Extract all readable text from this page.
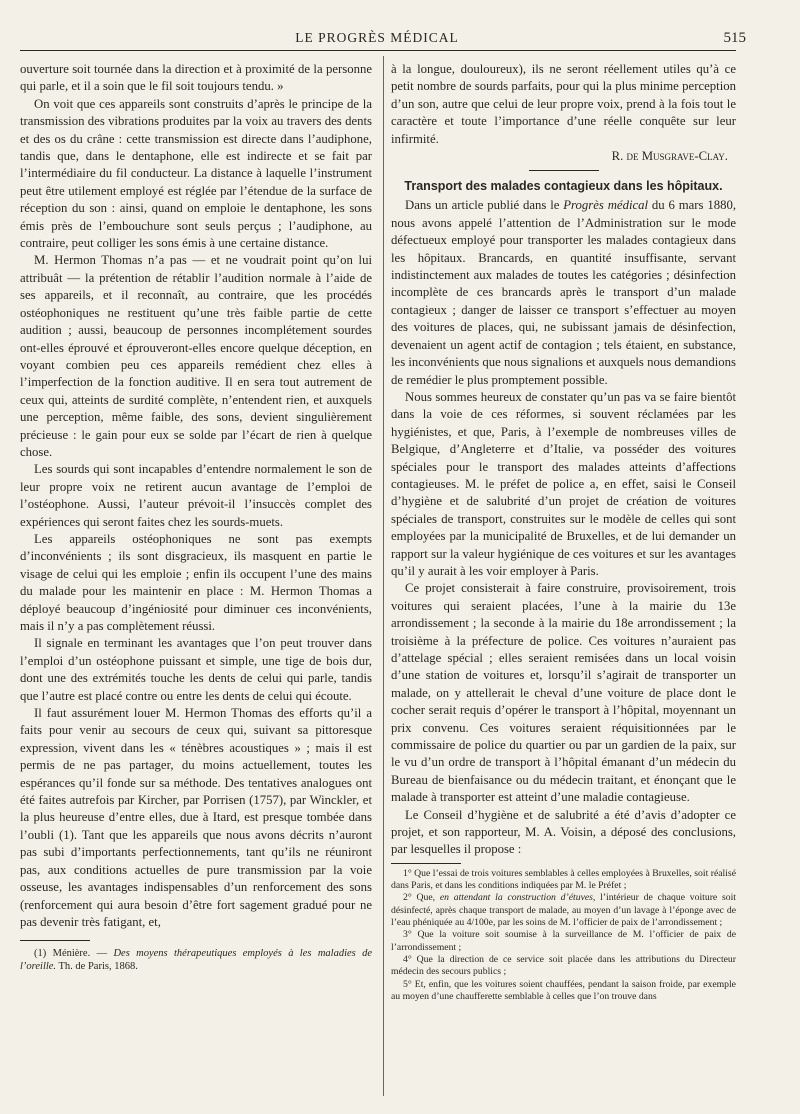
LE PROGRÈS MÉDICAL	515

ouverture soit tournée dans la direction et à proximité de la personne qui parle, et il a soin que le fil soit toujours tendu. »

On voit que ces appareils sont construits d’après le principe de la transmission des vibrations produites par la voix au travers des dents et des os du crâne : cette transmission est directe dans l’audiphone, tandis que, dans le dentaphone, elle est indirecte et se fait par l’intermédiaire du fil conducteur. La distance à laquelle l’instrument peut être utilement employé est réglée par l’étendue de la surface de réception du son : ainsi, quand on emploie le dentaphone, les sons émis près de l’embouchure sont seuls perçus ; l’audiphone, au contraire, peut colliger les sons émis à une certaine distance.

M. Hermon Thomas n’a pas — et ne voudrait point qu’on lui attribuât — la prétention de rétablir l’audition normale à l’aide de ses appareils, et il reconnaît, au contraire, que les procédés ostéophoniques ne restituent qu’une très faible partie de cette audition ; aussi, beaucoup de personnes incomplétement sourdes ont-elles éprouvé et éprouveront-elles encore quelque déception, en voyant combien peu ces appareils remédient chez elles à l’imperfection de la fonction auditive. Il en sera tout autrement de ceux qui, atteints de surdité complète, n’entendent rien, et auxquels une perception, même faible, des sons, devient singulièrement précieuse : le gain pour eux se solde par l’écart de rien à quelque chose.

Les sourds qui sont incapables d’entendre normalement le son de leur propre voix ne retirent aucun avantage de l’emploi de l’ostéophone. Aussi, l’auteur prévoit-il l’insuccès complet des expériences qui seront faites chez les sourds-muets.

Les appareils ostéophoniques ne sont pas exempts d’inconvénients ; ils sont disgracieux, ils masquent en partie le visage de celui qui les emploie ; enfin ils occupent l’une des mains du malade pour les maintenir en place : M. Hermon Thomas a déployé beaucoup d’ingéniosité pour diminuer ces inconvénients, mais il n’y a pas complètement réussi.

Il signale en terminant les avantages que l’on peut trouver dans l’emploi d’un ostéophone puissant et simple, une tige de bois dur, dont une des extrémités touche les dents de celui qui parle, tandis que l’autre est placé contre ou entre les dents de celui qui écoute.

Il faut assurément louer M. Hermon Thomas des efforts qu’il a faits pour venir au secours de ceux qui, suivant sa pittoresque expression, vivent dans les « ténèbres acoustiques » ; mais il est permis de ne pas partager, du moins actuellement, toutes les espérances qu’il fonde sur sa méthode. Des tentatives analogues ont été faites autrefois par Kircher, par Porrisen (1757), par Winckler, et la plus heureuse d’entre elles, due à Itard, est presque tombée dans l’oubli (1). Tant que les appareils que nous avons décrits n’auront pas subi d’importants perfectionnements, tant qu’ils ne réuniront pas, aux conditions actuelles de pure transmission par la voie osseuse, les avantages indispensables d’un renforcement des sons (renforcement qui aura besoin d’être fort sagement gradué pour ne pas devenir très fatigant, et,

(1) Ménière. — Des moyens thérapeutiques employés à les maladies de l’oreille. Th. de Paris, 1868.

à la longue, douloureux), ils ne seront réellement utiles qu’à ce petit nombre de sourds parfaits, pour qui la plus minime perception d’un son, autre que celui de leur propre voix, prend à la fois tout le caractère et toute l’importance d’une réelle conquête sur leur infirmité.

R. de Musgrave-Clay.
Transport des malades contagieux dans les hôpitaux.

Dans un article publié dans le Progrès médical du 6 mars 1880, nous avons appelé l’attention de l’Administration sur le mode défectueux employé pour transporter les malades contagieux dans les hôpitaux. Brancards, en quantité insuffisante, servant indistinctement aux malades de toutes les catégories ; désinfection incomplète de ces brancards après le transport d’un malade contagieux ; danger de laisser ce transport s’effectuer au moyen des voitures de places, qui, ne subissant jamais de désinfection, devenaient un agent actif de contagion ; tels étaient, en substance, les inconvénients que nous signalions et auxquels nous demandions de remédier le plus promptement possible.

Nous sommes heureux de constater qu’un pas va se faire bientôt dans la voie de ces réformes, si souvent réclamées par les hygiénistes, et que, Paris, à l’exemple de nombreuses villes de Belgique, d’Angleterre et d’Italie, va posséder des voitures spéciales pour le transport des malades atteints d’affections contagieuses. M. le préfet de police a, en effet, saisi le Conseil d’hygiène et de salubrité d’un projet de création de voitures spéciales de transport, construites sur le modèle de celles qui sont employées par la municipalité de Bruxelles, et de lui demander un rapport sur la valeur hygiénique de ces voitures et sur les avantages qu’il y aurait à les voir employer à Paris.

Ce projet consisterait à faire construire, provisoirement, trois voitures qui seraient placées, l’une à la mairie du 13e arrondissement ; la seconde à la mairie du 18e arrondissement ; la troisième à la préfecture de police. Ces voitures n’auraient pas d’attelage spécial ; elles seraient remisées dans un local voisin d’une station de voitures et, lorsqu’il s’agirait de transporter un malade, on y attellerait le cheval d’une voiture de place dont le cocher serait requis d’opérer le transport à l’hôpital, moyennant un prix convenu. Ces voitures seraient réquisitionnées par le commissaire de police du quartier ou par un gardien de la paix, sur le vu d’un ordre de transport à l’hôpital émanant d’un médecin du Bureau de bienfaisance ou du médecin traitant, et énonçant que le malade à transporter est atteint d’une maladie contagieuse.

Le Conseil d’hygiène et de salubrité a été d’avis d’adopter ce projet, et son rapporteur, M. A. Voisin, a déposé des conclusions, par lesquelles il propose :

1° Que l’essai de trois voitures semblables à celles employées à Bruxelles, soit réalisé dans Paris, et dans les conditions indiquées par M. le Préfet ;

2° Que, en attendant la construction d’étuves, l’intérieur de chaque voiture soit désinfecté, après chaque transport de malade, au moyen d’un lavage à l’éponge avec de l’eau phéniquée au 4/100e, par les soins de M. l’officier de paix de l’arrondissement ;

3° Que la voiture soit soumise à la surveillance de M. l’officier de paix de l’arrondissement ;

4° Que la direction de ce service soit placée dans les attributions du Directeur médecin des secours publics ;

5° Et, enfin, que les voitures soient chauffées, pendant la saison froide, par exemple au moyen d’une chaufferette semblable à celles que l’on trouve dans
